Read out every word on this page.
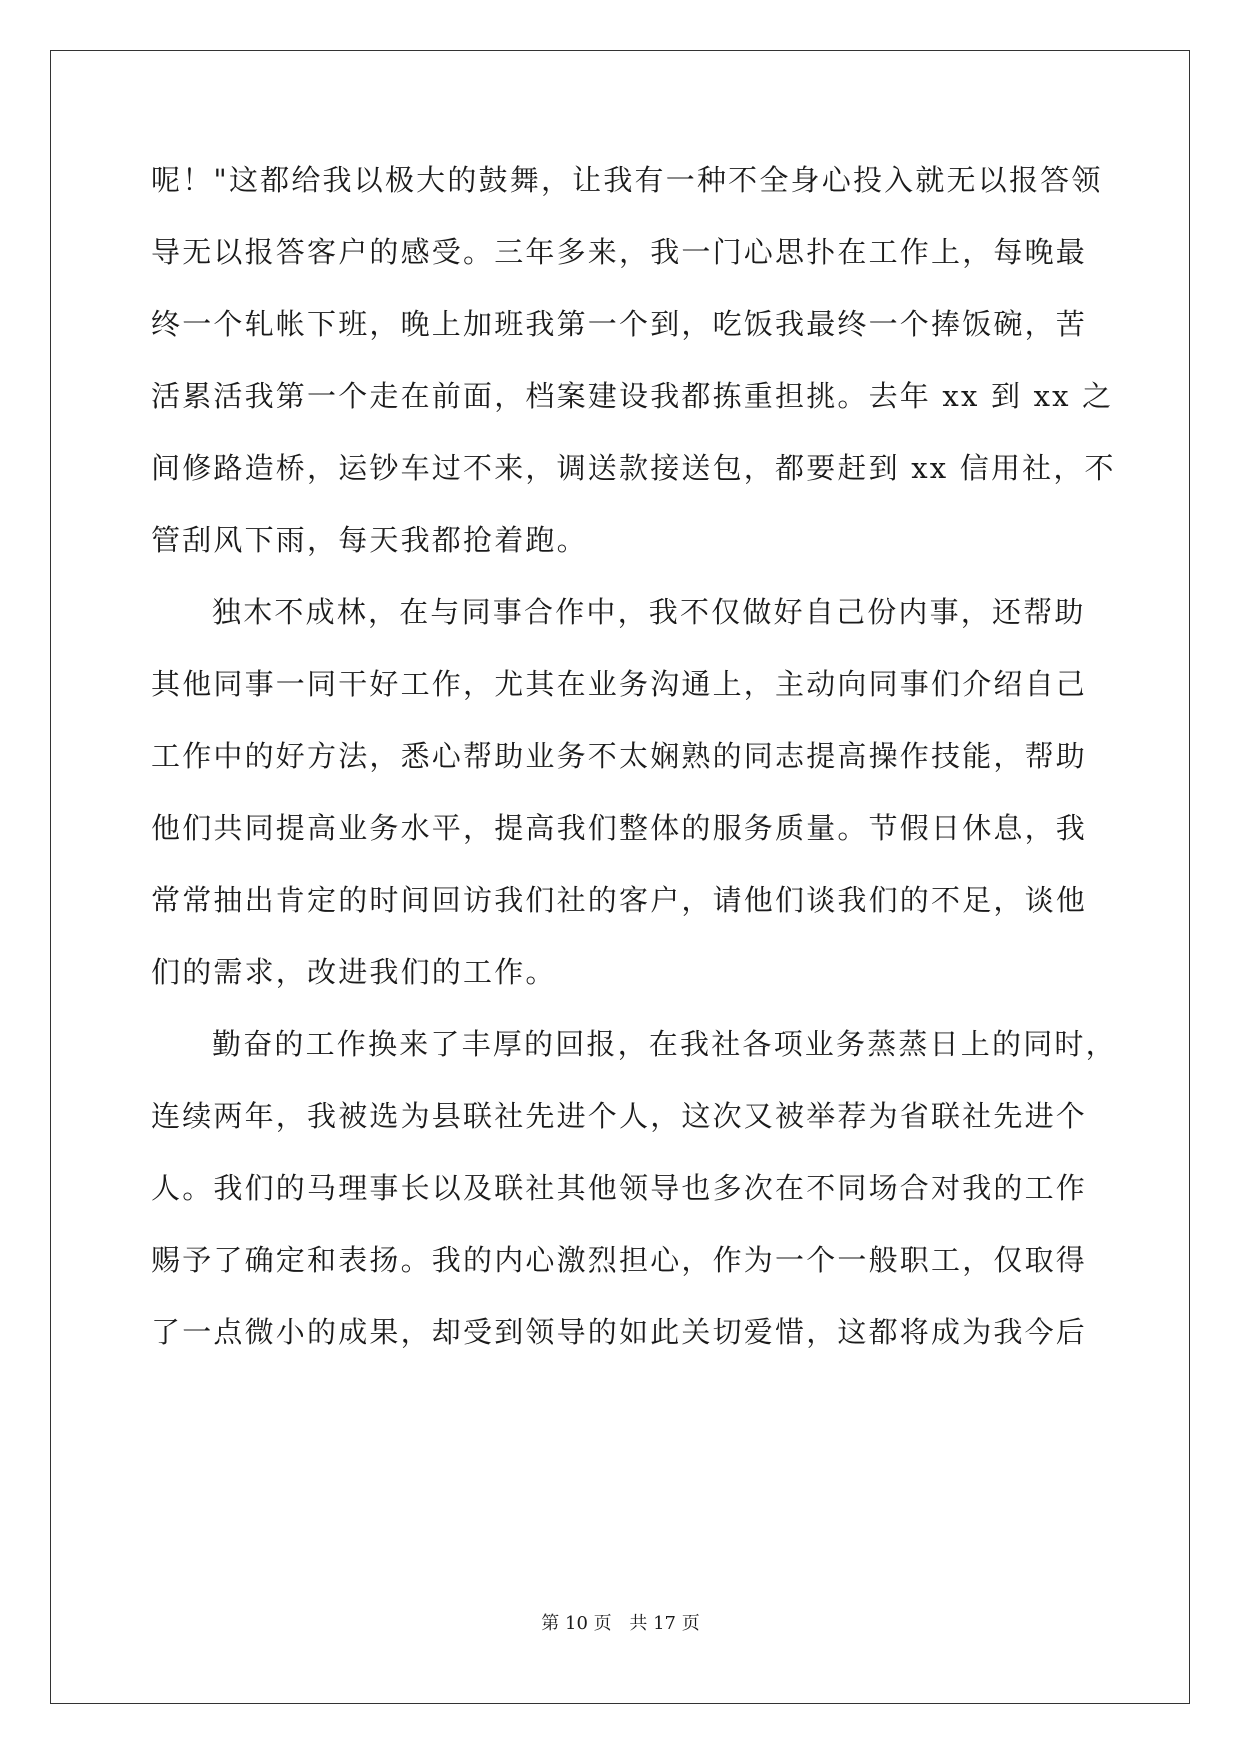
呢！"这都给我以极大的鼓舞，让我有一种不全身心投入就无以报答领
导无以报答客户的感受。三年多来，我一门心思扑在工作上，每晚最
终一个轧帐下班，晚上加班我第一个到，吃饭我最终一个捧饭碗，苦
活累活我第一个走在前面，档案建设我都拣重担挑。去年 xx 到 xx 之
间修路造桥，运钞车过不来，调送款接送包，都要赶到 xx 信用社，不
管刮风下雨，每天我都抢着跑。
独木不成林，在与同事合作中，我不仅做好自己份内事，还帮助
其他同事一同干好工作，尤其在业务沟通上，主动向同事们介绍自己
工作中的好方法，悉心帮助业务不太娴熟的同志提高操作技能，帮助
他们共同提高业务水平，提高我们整体的服务质量。节假日休息，我
常常抽出肯定的时间回访我们社的客户，请他们谈我们的不足，谈他
们的需求，改进我们的工作。
勤奋的工作换来了丰厚的回报，在我社各项业务蒸蒸日上的同时，
连续两年，我被选为县联社先进个人，这次又被举荐为省联社先进个
人。我们的马理事长以及联社其他领导也多次在不同场合对我的工作
赐予了确定和表扬。我的内心激烈担心，作为一个一般职工，仅取得
了一点微小的成果，却受到领导的如此关切爱惜，这都将成为我今后
第 10 页 共 17 页
